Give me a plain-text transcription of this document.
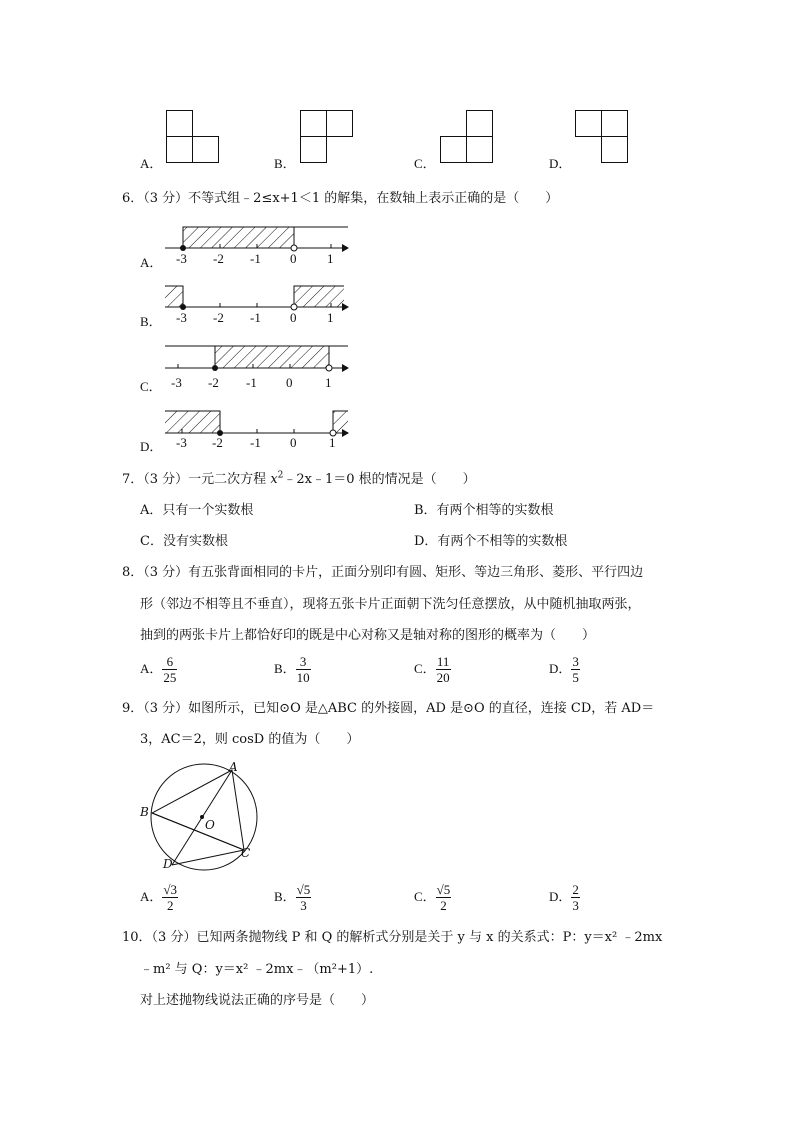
A．	B．	C．	D．
6．（3 分）不等式组﹣2≤x+1＜1 的解集，在数轴上表示正确的是（　　）
A． -3 -2 -1 0 1
B． -3 -2 -1 0 1
C． -3 -2 -1 0	1
D． -3 -2 -1 0	1
7．（3 分）一元二次方程 $x^2﹣2x﹣1=0$ 根的情况是（　　）
A．只有一个实数根	B．有两个相等的实数根
C．没有实数根	D．有两个不相等的实数根
8．（3 分）有五张背面相同的卡片，正面分别印有圆、矩形、等边三角形、菱形、平行四边
形（邻边不相等且不垂直），现将五张卡片正面朝下洗匀任意摆放，从中随机抽取两张，
抽到的两张卡片上都恰好印的既是中心对称又是轴对称的图形的概率为（　　）
A． $\frac{6}{25}$	B． $\frac{3}{10}$	C． $\frac{11}{20}$	D． $\frac{3}{5}$
9．（3 分）如图所示，已知⊙O 是△ABC 的外接圆，AD 是⊙O 的直径，连接 CD，若 AD＝
3，AC＝2，则 cosD 的值为（　　）
A
B
C
D
O
A． $\frac{√3}{2}$	B． $\frac{√5}{3}$	C． $\frac{√5}{2}$	D． $\frac{2}{3}$
10．（3 分）已知两条抛物线 P 和 Q 的解析式分别是关于 y 与 x 的关系式：P：y＝x² ﹣2mx
﹣m² 与 Q：y＝x² ﹣2mx﹣（m²+1）.
对上述抛物线说法正确的序号是（　　）
